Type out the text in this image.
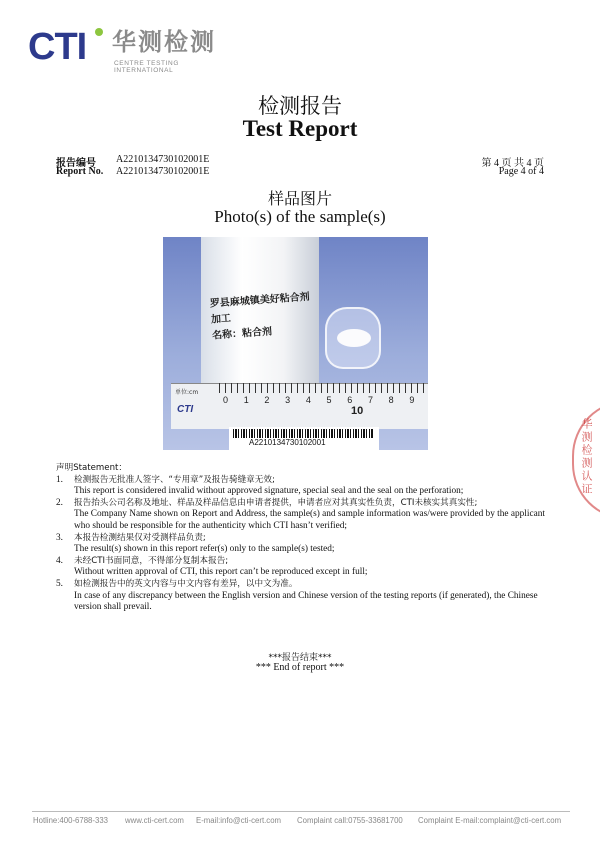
CTI 华测检测
CENTRE TESTING INTERNATIONAL
检测报告
Test Report
报告编号 A2210134730102001E
Report No. A2210134730102001E
第 4 页 共 4 页
Page 4 of 4
样品图片
Photo(s) of the sample(s)
罗县麻城镇美好粘合剂加工
名称：粘合剂
单位:cm
0 1 2 3 4 5 6 7 8 9
10
CTI
A2210134730102001	华测检测认证
声明Statement：
1. 检测报告无批准人签字、“专用章”及报告骑缝章无效;
This report is considered invalid without approved signature, special seal and the seal on the perforation;
2. 报告抬头公司名称及地址、样品及样品信息由申请者提供，申请者应对其真实性负责，CTI未核实其真实性;
The Company Name shown on Report and Address, the sample(s) and sample information was/were provided by the applicant who should be responsible for the authenticity which CTI hasn’t verified;
3. 本报告检测结果仅对受测样品负责;
The result(s) shown in this report refer(s) only to the sample(s) tested;
4. 未经CTI书面同意，不得部分复制本报告;
Without written approval of CTI, this report can’t be reproduced except in full;
5. 如检测报告中的英文内容与中文内容有差异，以中文为准。
In case of any discrepancy between the English version and Chinese version of the testing reports (if generated), the Chinese version shall prevail.
***报告结束***
*** End of report ***
Hotline:400-6788-333 www.cti-cert.com E-mail:info@cti-cert.com Complaint call:0755-33681700 Complaint E-mail:complaint@cti-cert.com
